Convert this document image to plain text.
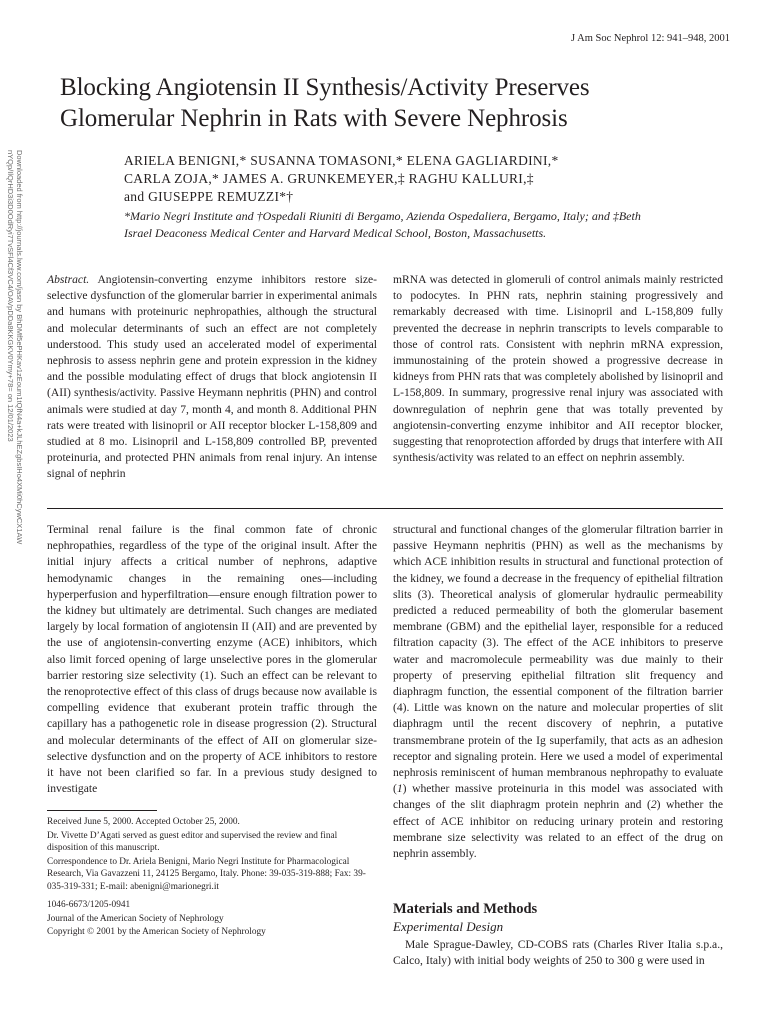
J Am Soc Nephrol 12: 941–948, 2001
Blocking Angiotensin II Synthesis/Activity Preserves
Glomerular Nephrin in Rats with Severe Nephrosis
ARIELA BENIGNI,* SUSANNA TOMASONI,* ELENA GAGLIARDINI,*
CARLA ZOJA,* JAMES A. GRUNKEMEYER,‡ RAGHU KALLURI,‡
and GIUSEPPE REMUZZI*†
*Mario Negri Institute and †Ospedali Riuniti di Bergamo, Azienda Ospedaliera, Bergamo, Italy; and ‡Beth
Israel Deaconess Medical Center and Harvard Medical School, Boston, Massachusetts.
Downloaded from http://journals.lww.com/jasn by BhDMf5ePHKav1zEoum1tQfN4a+kJLhEZgbsIHo4XMi0hCywCX1AW
nYQp/IlQrHD3i3D0OdRyi7TvSFl4Cf3VC4/OAVpDDa8KKGKV0Ymy+78= on 12/01/2023	Abstract. Angiotensin-converting enzyme inhibitors restore size-selective dysfunction of the glomerular barrier in experimental animals and humans with proteinuric nephropathies, although the structural and molecular determinants of such an effect are not completely understood. This study used an accelerated model of experimental nephrosis to assess nephrin gene and protein expression in the kidney and the possible modulating effect of drugs that block angiotensin II (AII) synthesis/activity. Passive Heymann nephritis (PHN) and control animals were studied at day 7, month 4, and month 8. Additional PHN rats were treated with lisinopril or AII receptor blocker L-158,809 and studied at 8 mo. Lisinopril and L-158,809 controlled BP, prevented proteinuria, and protected PHN animals from renal injury. An intense signal of nephrin

mRNA was detected in glomeruli of control animals mainly restricted to podocytes. In PHN rats, nephrin staining progressively and remarkably decreased with time. Lisinopril and L-158,809 fully prevented the decrease in nephrin transcripts to levels comparable to those of control rats. Consistent with nephrin mRNA expression, immunostaining of the protein showed a progressive decrease in kidneys from PHN rats that was completely abolished by lisinopril and L-158,809. In summary, progressive renal injury was associated with downregulation of nephrin gene that was totally prevented by angiotensin-converting enzyme inhibitor and AII receptor blocker, suggesting that renoprotection afforded by drugs that interfere with AII synthesis/activity was related to an effect on nephrin assembly.

Terminal renal failure is the final common fate of chronic nephropathies, regardless of the type of the original insult. After the initial injury affects a critical number of nephrons, adaptive hemodynamic changes in the remaining ones—including hyperperfusion and hyperfiltration—ensure enough filtration power to the kidney but ultimately are detrimental. Such changes are mediated largely by local formation of angiotensin II (AII) and are prevented by the use of angiotensin-converting enzyme (ACE) inhibitors, which also limit forced opening of large unselective pores in the glomerular barrier restoring size selectivity (1). Such an effect can be relevant to the renoprotective effect of this class of drugs because now available is compelling evidence that exuberant protein traffic through the capillary has a pathogenetic role in disease progression (2). Structural and molecular determinants of the effect of AII on glomerular size-selective dysfunction and on the property of ACE inhibitors to restore it have not been clarified so far. In a previous study designed to investigate

structural and functional changes of the glomerular filtration barrier in passive Heymann nephritis (PHN) as well as the mechanisms by which ACE inhibition results in structural and functional protection of the kidney, we found a decrease in the frequency of epithelial filtration slits (3). Theoretical analysis of glomerular hydraulic permeability predicted a reduced permeability of both the glomerular basement membrane (GBM) and the epithelial layer, responsible for a reduced filtration capacity (3). The effect of the ACE inhibitors to preserve water and macromolecule permeability was due mainly to their property of preserving epithelial filtration slit frequency and diaphragm function, the essential component of the filtration barrier (4). Little was known on the nature and molecular properties of slit diaphragm until the recent discovery of nephrin, a putative transmembrane protein of the Ig superfamily, that acts as an adhesion receptor and signaling protein. Here we used a model of experimental nephrosis reminiscent of human membranous nephropathy to evaluate (1) whether massive proteinuria in this model was associated with changes of the slit diaphragm protein nephrin and (2) whether the effect of ACE inhibitor on reducing urinary protein and restoring membrane size selectivity was related to an effect of the drug on nephrin assembly.

Received June 5, 2000. Accepted October 25, 2000.

Dr. Vivette D’Agati served as guest editor and supervised the review and final disposition of this manuscript.

Correspondence to Dr. Ariela Benigni, Mario Negri Institute for Pharmacological Research, Via Gavazzeni 11, 24125 Bergamo, Italy. Phone: 39-035-319-888; Fax: 39-035-319-331; E-mail: abenigni@marionegri.it

1046-6673/1205-0941

Journal of the American Society of Nephrology

Copyright © 2001 by the American Society of Nephrology

Materials and Methods
Experimental Design

Male Sprague-Dawley, CD-COBS rats (Charles River Italia s.p.a., Calco, Italy) with initial body weights of 250 to 300 g were used in
